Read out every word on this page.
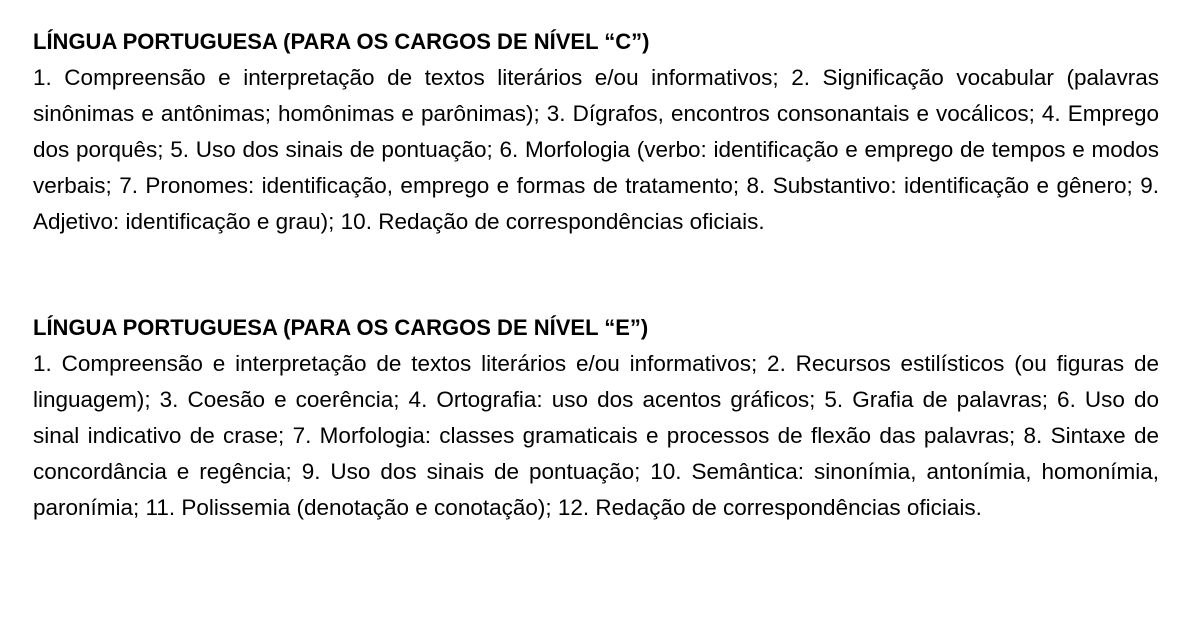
LÍNGUA PORTUGUESA (PARA OS CARGOS DE NÍVEL “C”)

1. Compreensão e interpretação de textos literários e/ou informativos; 2. Significação vocabular (palavras sinônimas e antônimas; homônimas e parônimas); 3. Dígrafos, encontros consonantais e vocálicos; 4. Emprego dos porquês; 5. Uso dos sinais de pontuação; 6. Morfologia (verbo: identificação e emprego de tempos e modos verbais; 7. Pronomes: identificação, emprego e formas de tratamento; 8. Substantivo: identificação e gênero; 9. Adjetivo: identificação e grau); 10. Redação de correspondências oficiais.

LÍNGUA PORTUGUESA (PARA OS CARGOS DE NÍVEL “E”)

1. Compreensão e interpretação de textos literários e/ou informativos; 2. Recursos estilísticos (ou figuras de linguagem); 3. Coesão e coerência; 4. Ortografia: uso dos acentos gráficos; 5. Grafia de palavras; 6. Uso do sinal indicativo de crase; 7. Morfologia: classes gramaticais e processos de flexão das palavras; 8. Sintaxe de concordância e regência; 9. Uso dos sinais de pontuação; 10. Semântica: sinonímia, antonímia, homonímia, paronímia; 11. Polissemia (denotação e conotação); 12. Redação de correspondências oficiais.
